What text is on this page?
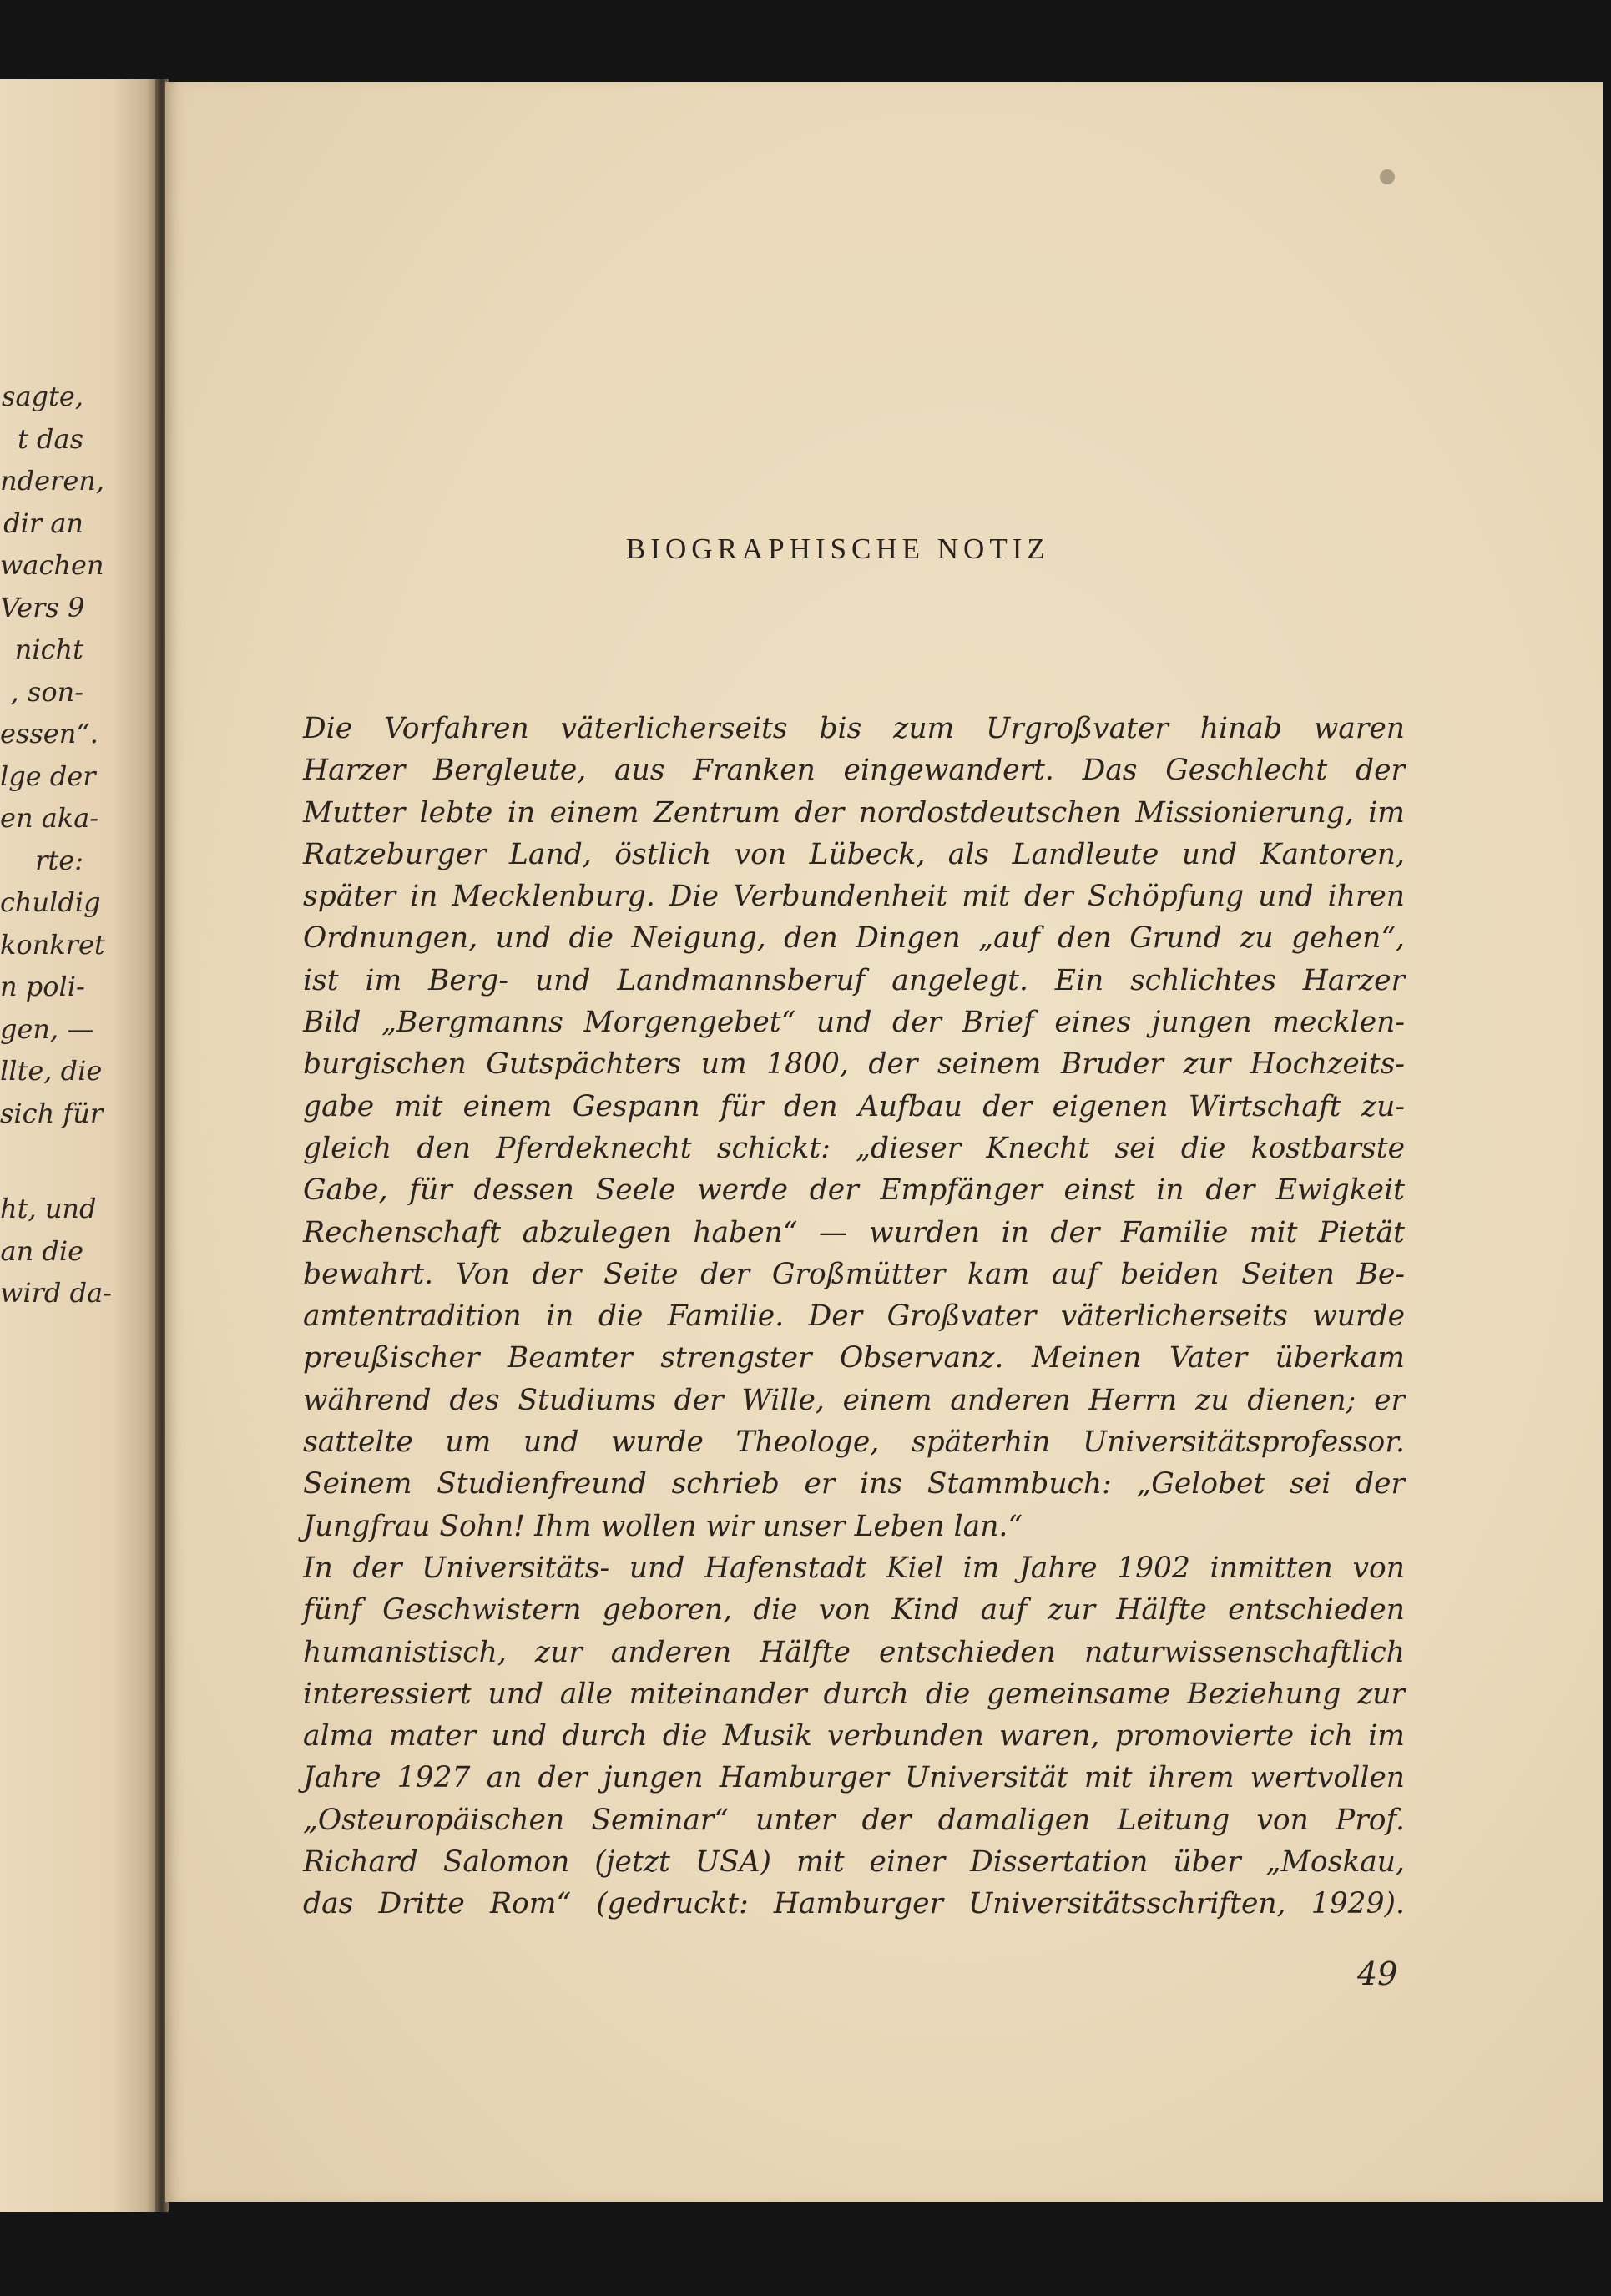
sagte,
t das
nderen,
dir an
wachen
Vers 9
nicht
, son-
essen“.
lge der
en aka-
rte:
chuldig
konkret
n poli-
gen, —
llte, die
sich für
ht, und
an die
wird da-
BIOGRAPHISCHE NOTIZ
Die Vorfahren väterlicherseits bis zum Urgroßvater hinab waren
Harzer Bergleute, aus Franken eingewandert. Das Geschlecht der
Mutter lebte in einem Zentrum der nordostdeutschen Missionierung, im
Ratzeburger Land, östlich von Lübeck, als Landleute und Kantoren,
später in Mecklenburg. Die Verbundenheit mit der Schöpfung und ihren
Ordnungen, und die Neigung, den Dingen „auf den Grund zu gehen“,
ist im Berg- und Landmannsberuf angelegt. Ein schlichtes Harzer
Bild „Bergmanns Morgengebet“ und der Brief eines jungen mecklen-
burgischen Gutspächters um 1800, der seinem Bruder zur Hochzeits-
gabe mit einem Gespann für den Aufbau der eigenen Wirtschaft zu-
gleich den Pferdeknecht schickt: „dieser Knecht sei die kostbarste
Gabe, für dessen Seele werde der Empfänger einst in der Ewigkeit
Rechenschaft abzulegen haben“ — wurden in der Familie mit Pietät
bewahrt. Von der Seite der Großmütter kam auf beiden Seiten Be-
amtentradition in die Familie. Der Großvater väterlicherseits wurde
preußischer Beamter strengster Observanz. Meinen Vater überkam
während des Studiums der Wille, einem anderen Herrn zu dienen; er
sattelte um und wurde Theologe, späterhin Universitätsprofessor.
Seinem Studienfreund schrieb er ins Stammbuch: „Gelobet sei der
Jungfrau Sohn! Ihm wollen wir unser Leben lan.“
In der Universitäts- und Hafenstadt Kiel im Jahre 1902 inmitten von
fünf Geschwistern geboren, die von Kind auf zur Hälfte entschieden
humanistisch, zur anderen Hälfte entschieden naturwissenschaftlich
interessiert und alle miteinander durch die gemeinsame Beziehung zur
alma mater und durch die Musik verbunden waren, promovierte ich im
Jahre 1927 an der jungen Hamburger Universität mit ihrem wertvollen
„Osteuropäischen Seminar“ unter der damaligen Leitung von Prof.
Richard Salomon (jetzt USA) mit einer Dissertation über „Moskau,
das Dritte Rom“ (gedruckt: Hamburger Universitätsschriften, 1929).
49
